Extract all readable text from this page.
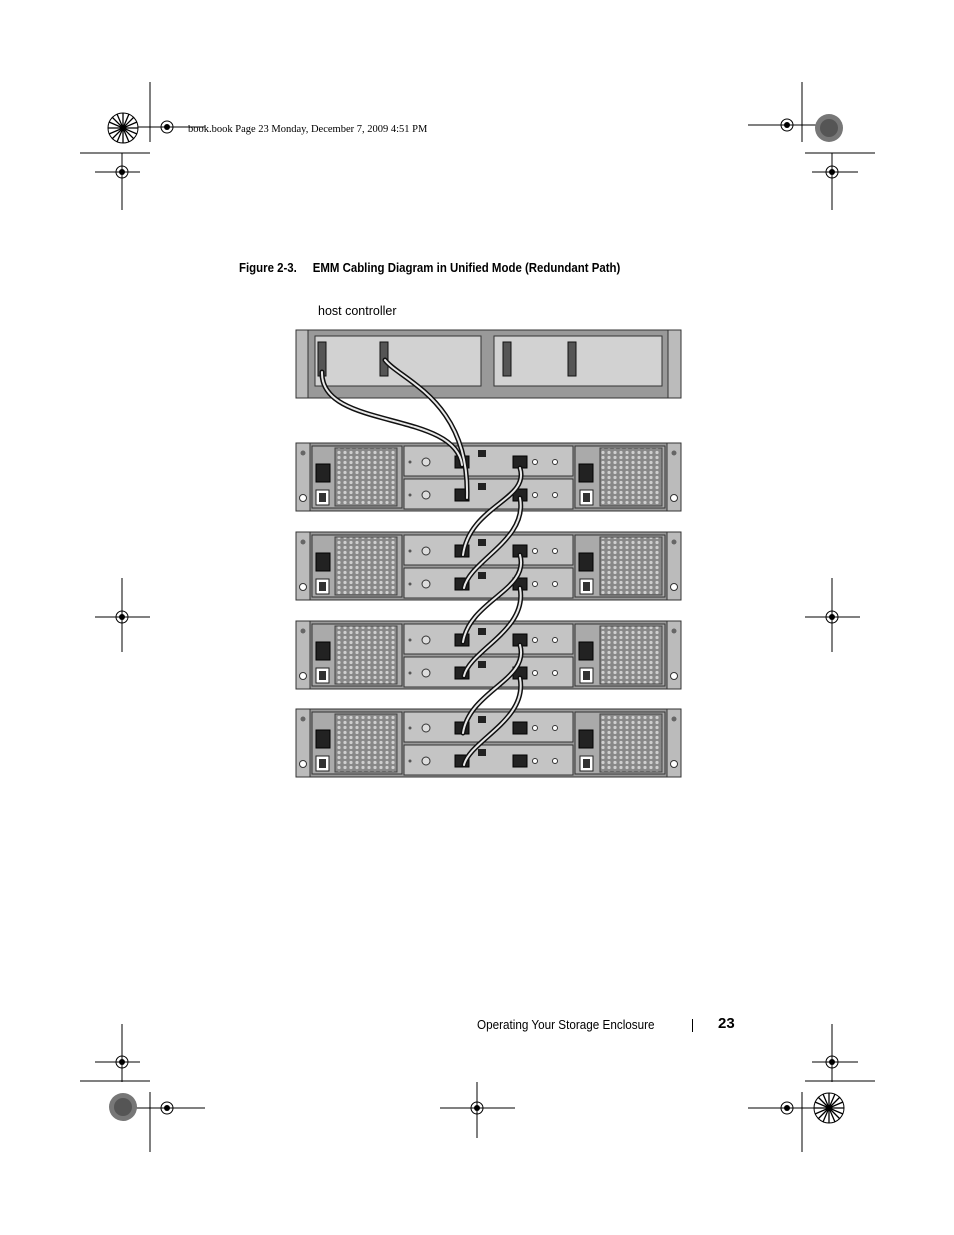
book.book Page 23 Monday, December 7, 2009 4:51 PM
Figure 2-3. EMM Cabling Diagram in Unified Mode (Redundant Path)
host controller
Operating Your Storage Enclosure	23
